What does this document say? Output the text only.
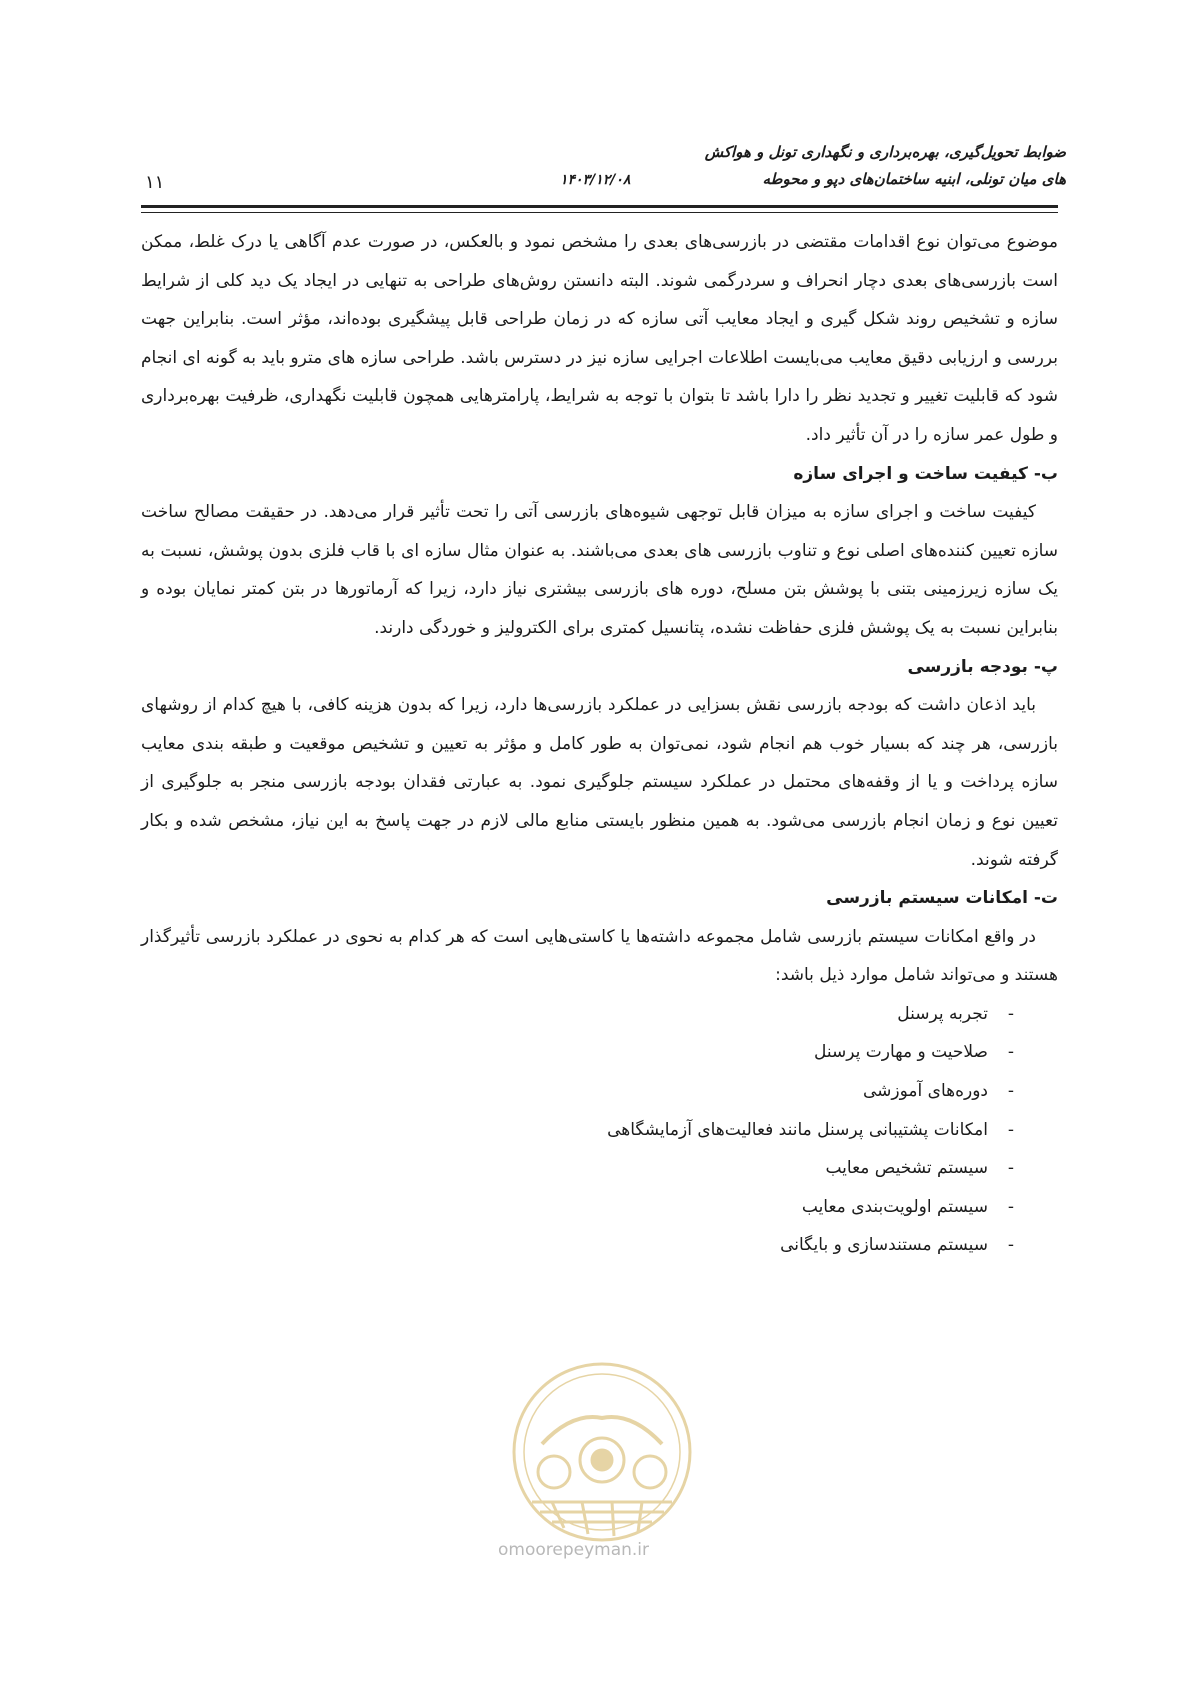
ضوابط تحویل‌گیری، بهره‌برداری و نگهداری تونل و هواکش
های میان تونلی، ابنیه ساختمان‌های دپو و محوطه
۱۴۰۳/۱۲/۰۸
۱۱

موضوع می‌توان نوع اقدامات مقتضی در بازرسی‌های بعدی را مشخص نمود و بالعکس، در صورت عدم آگاهی یا درک غلط، ممکن است بازرسی‌های بعدی دچار انحراف و سردرگمی شوند. البته دانستن روش‌های طراحی به تنهایی در ایجاد یک دید کلی از شرایط سازه و تشخیص روند شکل گیری و ایجاد معایب آتی سازه که در زمان طراحی قابل پیشگیری بوده‌اند، مؤثر است. بنابراین جهت بررسی و ارزیابی دقیق معایب می‌بایست اطلاعات اجرایی سازه نیز در دسترس باشد. طراحی سازه های مترو باید به گونه ای انجام شود که قابلیت تغییر و تجدید نظر را دارا باشد تا بتوان با توجه به شرایط، پارامترهایی همچون قابلیت نگهداری، ظرفیت بهره‌برداری و طول عمر سازه را در آن تأثیر داد.

ب- کیفیت ساخت و اجرای سازه

کیفیت ساخت و اجرای سازه به میزان قابل توجهی شیوه‌های بازرسی آتی را تحت تأثیر قرار می‌دهد. در حقیقت مصالح ساخت سازه تعیین کننده‌های اصلی نوع و تناوب بازرسی های بعدی می‌باشند. به عنوان مثال سازه ای با قاب فلزی بدون پوشش، نسبت به یک سازه زیرزمینی بتنی با پوشش بتن مسلح، دوره های بازرسی بیشتری نیاز دارد، زیرا که آرماتورها در بتن کمتر نمایان بوده و بنابراین نسبت به یک پوشش فلزی حفاظت نشده، پتانسیل کمتری برای الکترولیز و خوردگی دارند.

پ- بودجه بازرسی

باید اذعان داشت که بودجه بازرسی نقش بسزایی در عملکرد بازرسی‌ها دارد، زیرا که بدون هزینه کافی، با هیچ کدام از روشهای بازرسی، هر چند که بسیار خوب هم انجام شود، نمی‌توان به طور کامل و مؤثر به تعیین و تشخیص موقعیت و طبقه بندی معایب سازه پرداخت و یا از وقفه‌های محتمل در عملکرد سیستم جلوگیری نمود. به عبارتی فقدان بودجه بازرسی منجر به جلوگیری از تعیین نوع و زمان انجام بازرسی می‌شود. به همین منظور بایستی منابع مالی لازم در جهت پاسخ به این نیاز، مشخص شده و بکار گرفته شوند.

ت- امکانات سیستم بازرسی

در واقع امکانات سیستم بازرسی شامل مجموعه داشته‌ها یا کاستی‌هایی است که هر کدام به نحوی در عملکرد بازرسی تأثیرگذار هستند و می‌تواند شامل موارد ذیل باشد:

-تجربه پرسنل
-صلاحیت و مهارت پرسنل
-دوره‌های آموزشی
-امکانات پشتیبانی پرسنل مانند فعالیت‌های آزمایشگاهی
-سیستم تشخیص معایب
-سیستم اولویت‌بندی معایب
-سیستم مستندسازی و بایگانی
omoorepeyman.ir
